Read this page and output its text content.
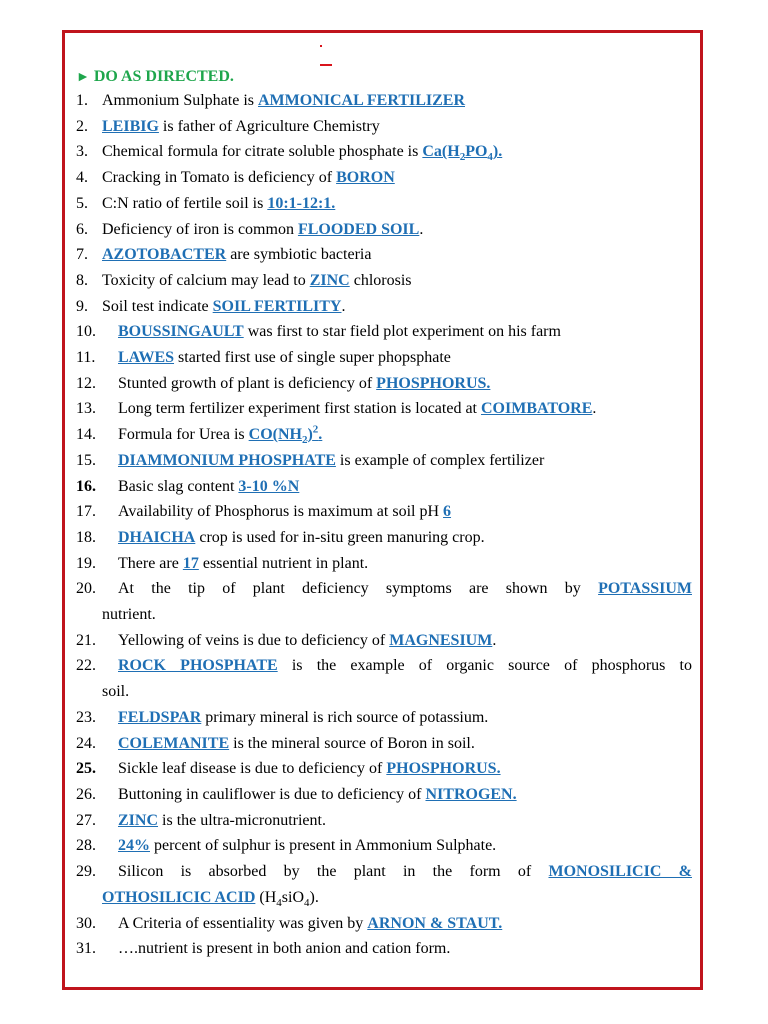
► DO AS DIRECTED.
1. Ammonium Sulphate is AMMONICAL FERTILIZER
2. LEIBIG is father of Agriculture Chemistry
3. Chemical formula for citrate soluble phosphate is $Ca(H_2PO_4)$.
4. Cracking in Tomato is deficiency of BORON
5. C:N ratio of fertile soil is 10:1-12:1.
6. Deficiency of iron is common FLOODED SOIL.
7. AZOTOBACTER are symbiotic bacteria
8. Toxicity of calcium may lead to ZINC chlorosis
9. Soil test indicate SOIL FERTILITY.
10. BOUSSINGAULT was first to star field plot experiment on his farm
11. LAWES started first use of single super phopsphate
12. Stunted growth of plant is deficiency of PHOSPHORUS.
13. Long term fertilizer experiment first station is located at COIMBATORE.
14. Formula for Urea is $CO(NH_2)^2$.
15. DIAMMONIUM PHOSPHATE is example of complex fertilizer
16. Basic slag content 3-10 %N
17. Availability of Phosphorus is maximum at soil pH 6
18. DHAICHA crop is used for in-situ green manuring crop.
19. There are 17 essential nutrient in plant.
20. At the tip of plant deficiency symptoms are shown by POTASSIUM
nutrient.
21. Yellowing of veins is due to deficiency of MAGNESIUM.
22. ROCK PHOSPHATE is the example of organic source of phosphorus to
soil.
23. FELDSPAR primary mineral is rich source of potassium.
24. COLEMANITE is the mineral source of Boron in soil.
25. Sickle leaf disease is due to deficiency of PHOSPHORUS.
26. Buttoning in cauliflower is due to deficiency of NITROGEN.
27. ZINC is the ultra-micronutrient.
28. 24% percent of sulphur is present in Ammonium Sulphate.
29. Silicon is absorbed by the plant in the form of MONOSILICIC &
OTHOSILICIC ACID $(H_4siO_4)$.
30. A Criteria of essentiality was given by ARNON & STAUT.
31. ….nutrient is present in both anion and cation form.
